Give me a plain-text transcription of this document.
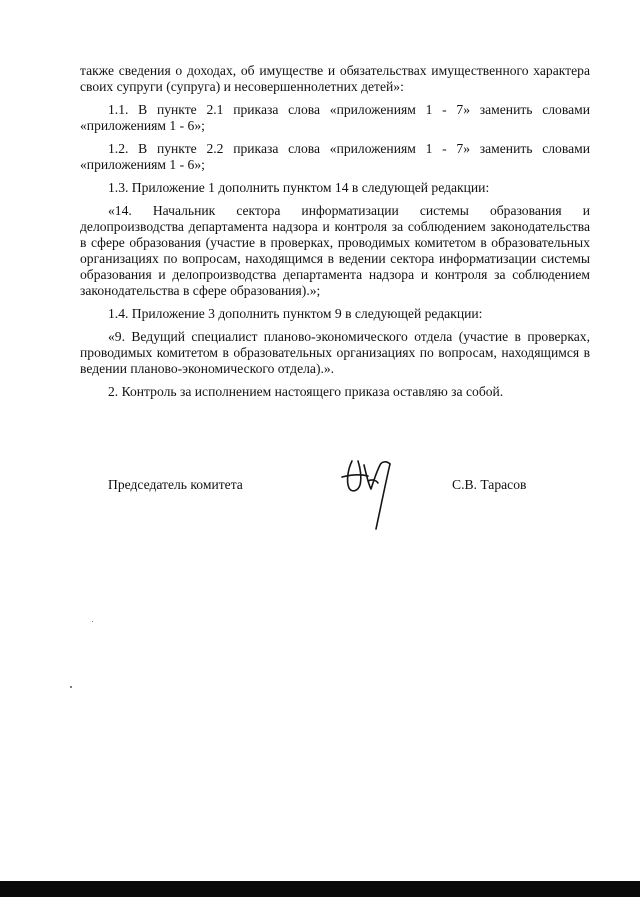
также сведения о доходах, об имуществе и обязательствах имущественного характера своих супруги (супруга) и несовершеннолетних детей»:

1.1. В пункте 2.1 приказа слова «приложениям 1 - 7» заменить словами «приложениям 1 - 6»;

1.2. В пункте 2.2 приказа слова «приложениям 1 - 7» заменить словами «приложениям 1 - 6»;

1.3. Приложение 1 дополнить пунктом 14 в следующей редакции:

«14. Начальник сектора информатизации системы образования и делопроизводства департамента надзора и контроля за соблюдением законодательства в сфере образования (участие в проверках, проводимых комитетом в образовательных организациях по вопросам, находящимся в ведении сектора информатизации системы образования и делопроизводства департамента надзора и контроля за соблюдением законодательства в сфере образования).»;

1.4. Приложение 3 дополнить пунктом 9 в следующей редакции:

«9. Ведущий специалист планово-экономического отдела (участие в проверках, проводимых комитетом в образовательных организациях по вопросам, находящимся в ведении планово-экономического отдела).».

2. Контроль за исполнением настоящего приказа оставляю за собой.

Председатель комитета	С.В. Тарасов
